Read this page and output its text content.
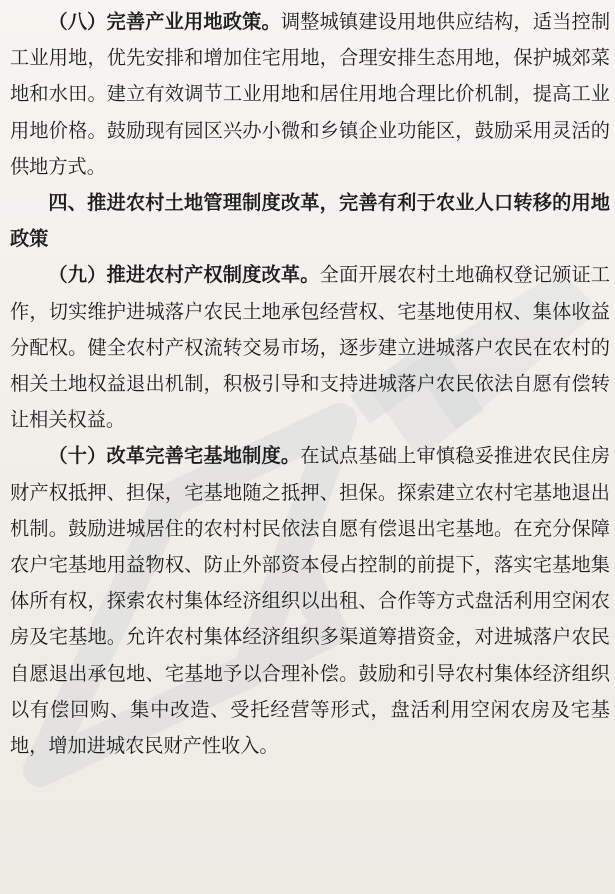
（八）完善产业用地政策。调整城镇建设用地供应结构，适当控制工业用地，优先安排和增加住宅用地，合理安排生态用地，保护城郊菜地和水田。建立有效调节工业用地和居住用地合理比价机制，提高工业用地价格。鼓励现有园区兴办小微和乡镇企业功能区，鼓励采用灵活的供地方式。

四、推进农村土地管理制度改革，完善有利于农业人口转移的用地政策

（九）推进农村产权制度改革。全面开展农村土地确权登记颁证工作，切实维护进城落户农民土地承包经营权、宅基地使用权、集体收益分配权。健全农村产权流转交易市场，逐步建立进城落户农民在农村的相关土地权益退出机制，积极引导和支持进城落户农民依法自愿有偿转让相关权益。

（十）改革完善宅基地制度。在试点基础上审慎稳妥推进农民住房财产权抵押、担保，宅基地随之抵押、担保。探索建立农村宅基地退出机制。鼓励进城居住的农村村民依法自愿有偿退出宅基地。在充分保障农户宅基地用益物权、防止外部资本侵占控制的前提下，落实宅基地集体所有权，探索农村集体经济组织以出租、合作等方式盘活利用空闲农房及宅基地。允许农村集体经济组织多渠道筹措资金，对进城落户农民自愿退出承包地、宅基地予以合理补偿。鼓励和引导农村集体经济组织以有偿回购、集中改造、受托经营等形式，盘活利用空闲农房及宅基地，增加进城农民财产性收入。
